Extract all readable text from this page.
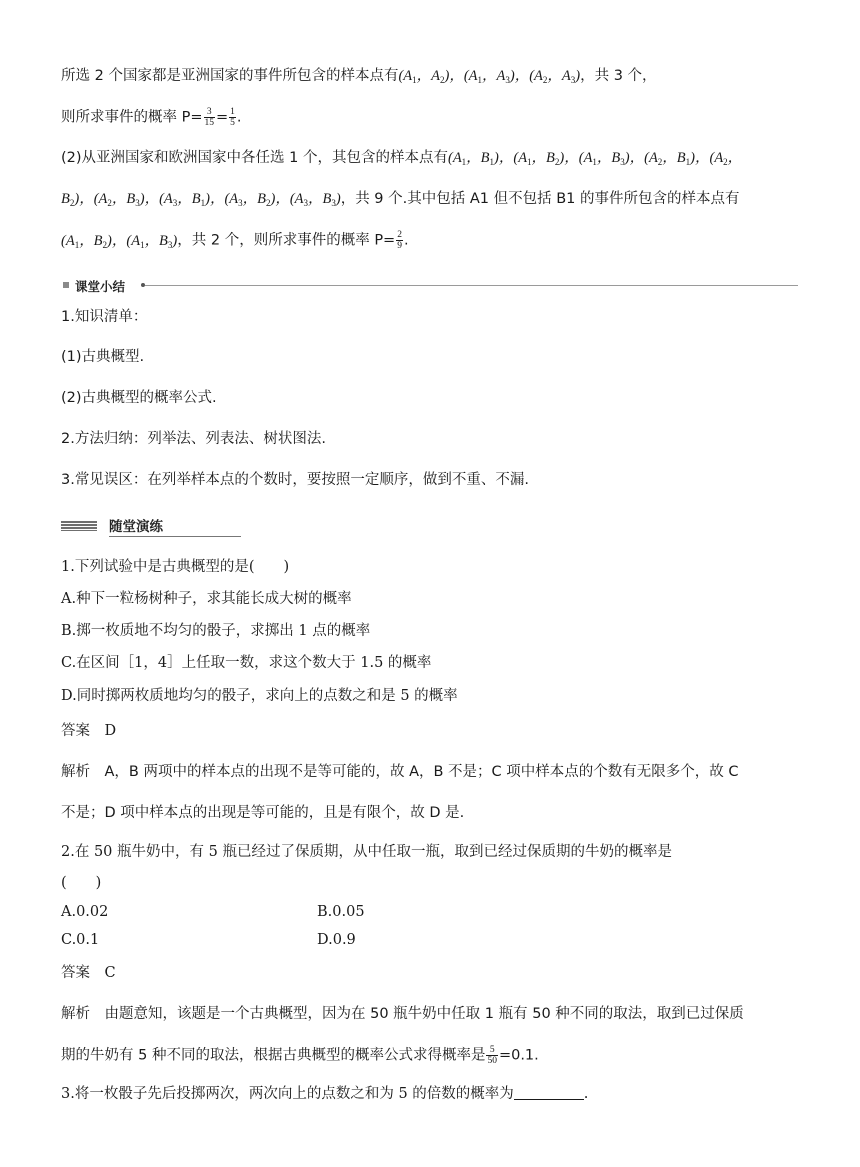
所选 2 个国家都是亚洲国家的事件所包含的样本点有($A_1$，$A_2$)，($A_1$，$A_3$)，($A_2$，$A_3$)，共 3 个，
则所求事件的概率 $P= \frac{3}{15} = \frac{1}{5}$ .
(2)从亚洲国家和欧洲国家中各任选 1 个，其包含的样本点有($A_1$，$B_1$)，($A_1$，$B_2$)，($A_1$，$B_3$)，($A_2$，$B_1$)，($A_2$，
$B_2$)，($A_2$，$B_3$)，($A_3$，$B_1$)，($A_3$，$B_2$)，($A_3$，$B_3$)，共 9 个.其中包括 A1 但不包括 B1 的事件所包含的样本点有
($A_1$，$B_2$)，($A_1$，$B_3$)，共 2 个，则所求事件的概率 $P= \frac{2}{9}$ .
课堂小结
1.知识清单：
(1)古典概型.
(2)古典概型的概率公式.
2.方法归纳：列举法、列表法、树状图法.
3.常见误区：在列举样本点的个数时，要按照一定顺序，做到不重、不漏.
随堂演练
1.下列试验中是古典概型的是(　　)
A.种下一粒杨树种子，求其能长成大树的概率
B.掷一枚质地不均匀的骰子，求掷出 1 点的概率
C.在区间［1，4］上任取一数，求这个数大于 1.5 的概率
D.同时掷两枚质地均匀的骰子，求向上的点数之和是 5 的概率
答案  D
解析  A，B 两项中的样本点的出现不是等可能的，故 A，B 不是；C 项中样本点的个数有无限多个，故 C
不是；D 项中样本点的出现是等可能的，且是有限个，故 D 是.
2.在 50 瓶牛奶中，有 5 瓶已经过了保质期，从中任取一瓶，取到已经过保质期的牛奶的概率是
(　　)
A.0.02	B.0.05
C.0.1	D.0.9
答案  C
解析  由题意知，该题是一个古典概型，因为在 50 瓶牛奶中任取 1 瓶有 50 种不同的取法，取到已过保质
期的牛奶有 5 种不同的取法，根据古典概型的概率公式求得概率是 $\frac{5}{50} =0.1$.
3.将一枚骰子先后投掷两次，两次向上的点数之和为 5 的倍数的概率为	.
